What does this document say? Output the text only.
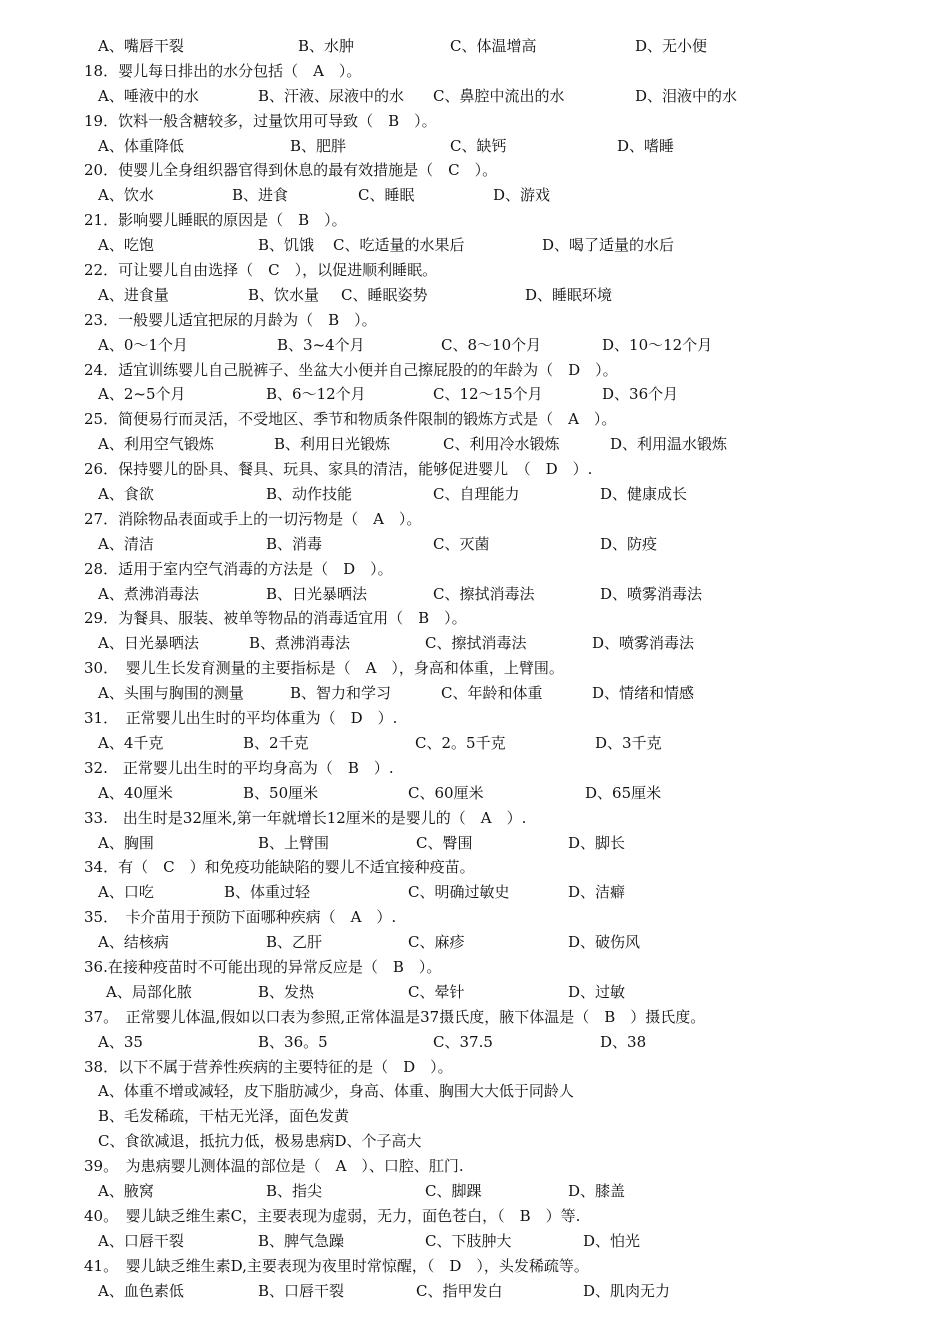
A、嘴唇干裂	B、水肿	C、体温增高	D、无小便
18．婴儿每日排出的水分包括（　A　）。
A、唾液中的水	B、汗液、尿液中的水 C、鼻腔中流出的水	D、泪液中的水
19．饮料一般含糖较多，过量饮用可导致（　B　）。
A、体重降低	B、肥胖	C、缺钙	D、嗜睡
20．使婴儿全身组织器官得到休息的最有效措施是（　C　）。
A、饮水	B、进食	C、睡眠	D、游戏
21．影响婴儿睡眠的原因是（　B　）。
A、吃饱	B、饥饿 C、吃适量的水果后	D、喝了适量的水后
22．可让婴儿自由选择（　C　），以促进顺利睡眠。
A、进食量	B、饮水量 C、睡眠姿势	D、睡眠环境
23．一般婴儿适宜把尿的月龄为（　B　）。
A、0～1个月	B、3~4个月	C、8～10个月	D、10～12个月
24．适宜训练婴儿自己脱裤子、坐盆大小便并自己擦屁股的的年龄为（　D　）。
A、2~5个月	B、6～12个月	C、12～15个月	D、36个月
25．简便易行而灵活，不受地区、季节和物质条件限制的锻炼方式是（　A　）。
A、利用空气锻炼	B、利用日光锻炼	C、利用冷水锻炼	D、利用温水锻炼
26．保持婴儿的卧具、餐具、玩具、家具的清洁，能够促进婴儿　（　D　）.
A、食欲	B、动作技能	C、自理能力	D、健康成长
27．消除物品表面或手上的一切污物是（　A　）。
A、清洁	B、消毒	C、灭菌	D、防疫
28．适用于室内空气消毒的方法是（　D　）。
A、煮沸消毒法	B、日光暴晒法	C、擦拭消毒法	D、喷雾消毒法
29．为餐具、服装、被单等物品的消毒适宜用（　B　）。
A、日光暴晒法	B、煮沸消毒法	C、擦拭消毒法	D、喷雾消毒法
30．　婴儿生长发育测量的主要指标是（　A　），身高和体重，上臂围。
A、头围与胸围的测量	B、智力和学习	C、年龄和体重	D、情绪和情感
31．　正常婴儿出生时的平均体重为（　D　）.
A、4千克	B、2千克	C、2。5千克	D、3千克
32.　正常婴儿出生时的平均身高为（　B　）.
A、40厘米	B、50厘米	C、60厘米	D、65厘米
33.　出生时是32厘米,第一年就增长12厘米的是婴儿的（　A　）.
A、胸围	B、上臂围	C、臀围	D、脚长
34．有（　C　）和免疫功能缺陷的婴儿不适宜接种疫苗。
A、口吃	B、体重过轻	C、明确过敏史	D、洁癖
35．　卡介苗用于预防下面哪种疾病（　A　）.
A、结核病	B、乙肝	C、麻疹	D、破伤风
36.在接种疫苗时不可能出现的异常反应是（　B　）。
A、局部化脓	B、发热	C、晕针	D、过敏
37。　正常婴儿体温,假如以口表为参照,正常体温是37摄氏度，腋下体温是（　B　）摄氏度。
A、35	B、36。5	C、37.5	D、38
38．以下不属于营养性疾病的主要特征的是（　D　）。
A、体重不增或减轻，皮下脂肪减少，身高、体重、胸围大大低于同龄人
B、毛发稀疏，干枯无光泽，面色发黄
C、食欲减退，抵抗力低，极易患病D、个子高大
39。　为患病婴儿测体温的部位是（　A　）、口腔、肛门.
A、腋窝	B、指尖	C、脚踝	D、膝盖
40。　婴儿缺乏维生素C，主要表现为虚弱，无力，面色苍白，（　B　）等.
A、口唇干裂	B、脾气急躁	C、下肢肿大	D、怕光
41。　婴儿缺乏维生素D,主要表现为夜里时常惊醒，（　D　），头发稀疏等。
A、血色素低	B、口唇干裂	C、指甲发白	D、肌肉无力
